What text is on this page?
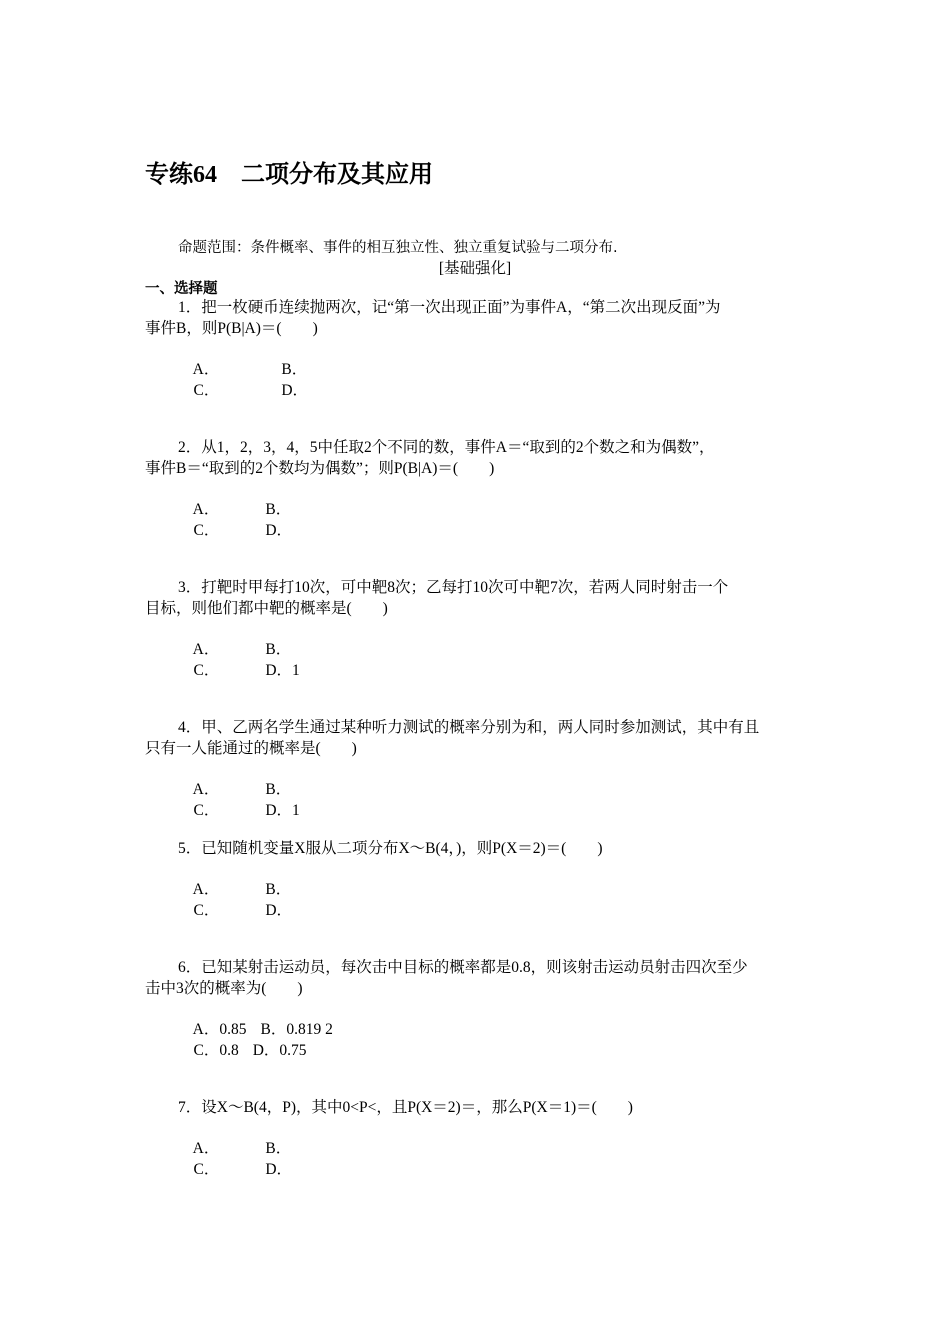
专练64　二项分布及其应用
命题范围：条件概率、事件的相互独立性、独立重复试验与二项分布.
[基础强化]
一、选择题
1．把一枚硬币连续抛两次，记“第一次出现正面”为事件A，“第二次出现反面”为
事件B，则P(B|A)＝(　　)

A．	B．

C．	D．

2．从1，2，3，4，5中任取2个不同的数，事件A＝“取到的2个数之和为偶数”，
事件B＝“取到的2个数均为偶数”；则P(B|A)＝(　　)

A．	B．

C．	D．

3．打靶时甲每打10次，可中靶8次；乙每打10次可中靶7次，若两人同时射击一个
目标，则他们都中靶的概率是(　　)

A．	B．

C．	D．1

4．甲、乙两名学生通过某种听力测试的概率分别为和，两人同时参加测试，其中有且
只有一人能通过的概率是(　　)

A．	B．

C．	D．1

5．已知随机变量X服从二项分布X～B(4，)，则P(X＝2)＝(　　)

A．	B．

C．	D．

6．已知某射击运动员，每次击中目标的概率都是0.8，则该射击运动员射击四次至少
击中3次的概率为(　　)

A．0.85 B．0.819 2

C．0.8 D．0.75

7．设X～B(4，P)，其中0<P<，且P(X＝2)＝，那么P(X＝1)＝(　　)

A．	B．

C．	D．
